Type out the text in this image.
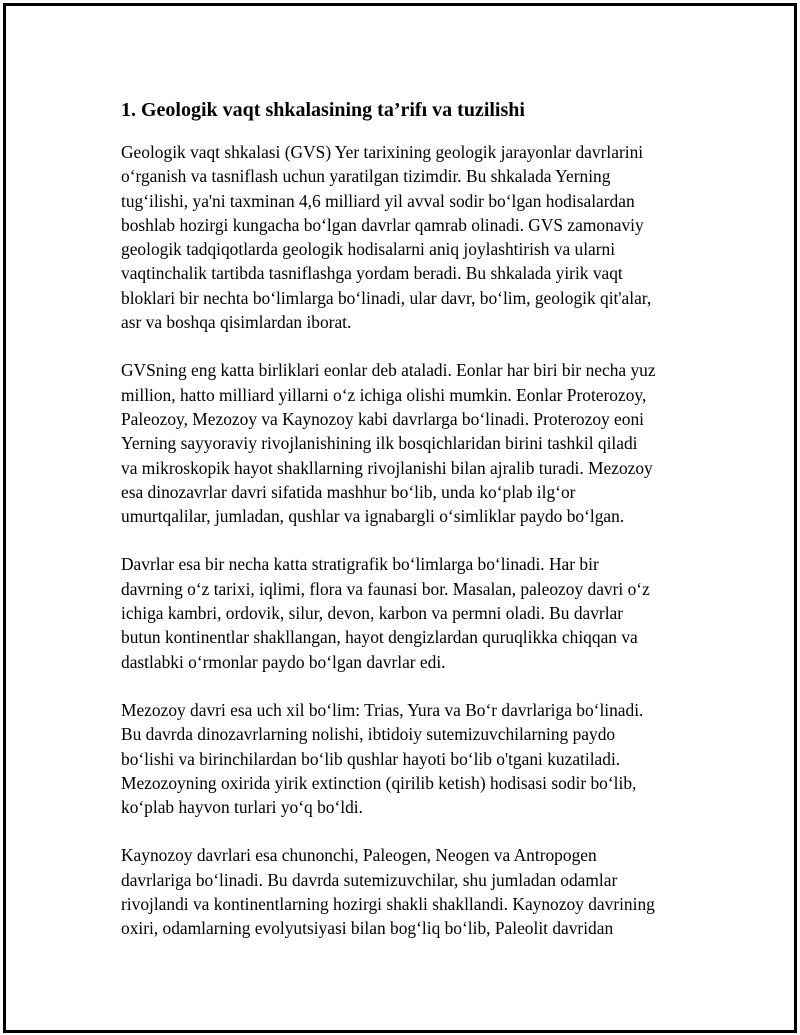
1. Geologik vaqt shkalasining ta’rifı va tuzilishi

Geologik vaqt shkalasi (GVS) Yer tarixining geologik jarayonlar davrlarini
o‘rganish va tasniflash uchun yaratilgan tizimdir. Bu shkalada Yerning
tug‘ilishi, ya'ni taxminan 4,6 milliard yil avval sodir bo‘lgan hodisalardan
boshlab hozirgi kungacha bo‘lgan davrlar qamrab olinadi. GVS zamonaviy
geologik tadqiqotlarda geologik hodisalarni aniq joylashtirish va ularni
vaqtinchalik tartibda tasniflashga yordam beradi. Bu shkalada yirik vaqt
bloklari bir nechta bo‘limlarga bo‘linadi, ular davr, bo‘lim, geologik qit'alar,
asr va boshqa qisimlardan iborat.

GVSning eng katta birliklari eonlar deb ataladi. Eonlar har biri bir necha yuz
million, hatto milliard yillarni o‘z ichiga olishi mumkin. Eonlar Proterozoy,
Paleozoy, Mezozoy va Kaynozoy kabi davrlarga bo‘linadi. Proterozoy eoni
Yerning sayyoraviy rivojlanishining ilk bosqichlaridan birini tashkil qiladi
va mikroskopik hayot shakllarning rivojlanishi bilan ajralib turadi. Mezozoy
esa dinozavrlar davri sifatida mashhur bo‘lib, unda ko‘plab ilg‘or
umurtqalilar, jumladan, qushlar va ignabargli o‘simliklar paydo bo‘lgan.

Davrlar esa bir necha katta stratigrafik bo‘limlarga bo‘linadi. Har bir
davrning o‘z tarixi, iqlimi, flora va faunasi bor. Masalan, paleozoy davri o‘z
ichiga kambri, ordovik, silur, devon, karbon va permni oladi. Bu davrlar
butun kontinentlar shakllangan, hayot dengizlardan quruqlikka chiqqan va
dastlabki o‘rmonlar paydo bo‘lgan davrlar edi.

Mezozoy davri esa uch xil bo‘lim: Trias, Yura va Bo‘r davrlariga bo‘linadi.
Bu davrda dinozavrlarning nolishi, ibtidoiy sutemizuvchilarning paydo
bo‘lishi va birinchilardan bo‘lib qushlar hayoti bo‘lib o'tgani kuzatiladi.
Mezozoyning oxirida yirik extinction (qirilib ketish) hodisasi sodir bo‘lib,
ko‘plab hayvon turlari yo‘q bo‘ldi.

Kaynozoy davrlari esa chunonchi, Paleogen, Neogen va Antropogen
davrlariga bo‘linadi. Bu davrda sutemizuvchilar, shu jumladan odamlar
rivojlandi va kontinentlarning hozirgi shakli shakllandi. Kaynozoy davrining
oxiri, odamlarning evolyutsiyasi bilan bog‘liq bo‘lib, Paleolit davridan
